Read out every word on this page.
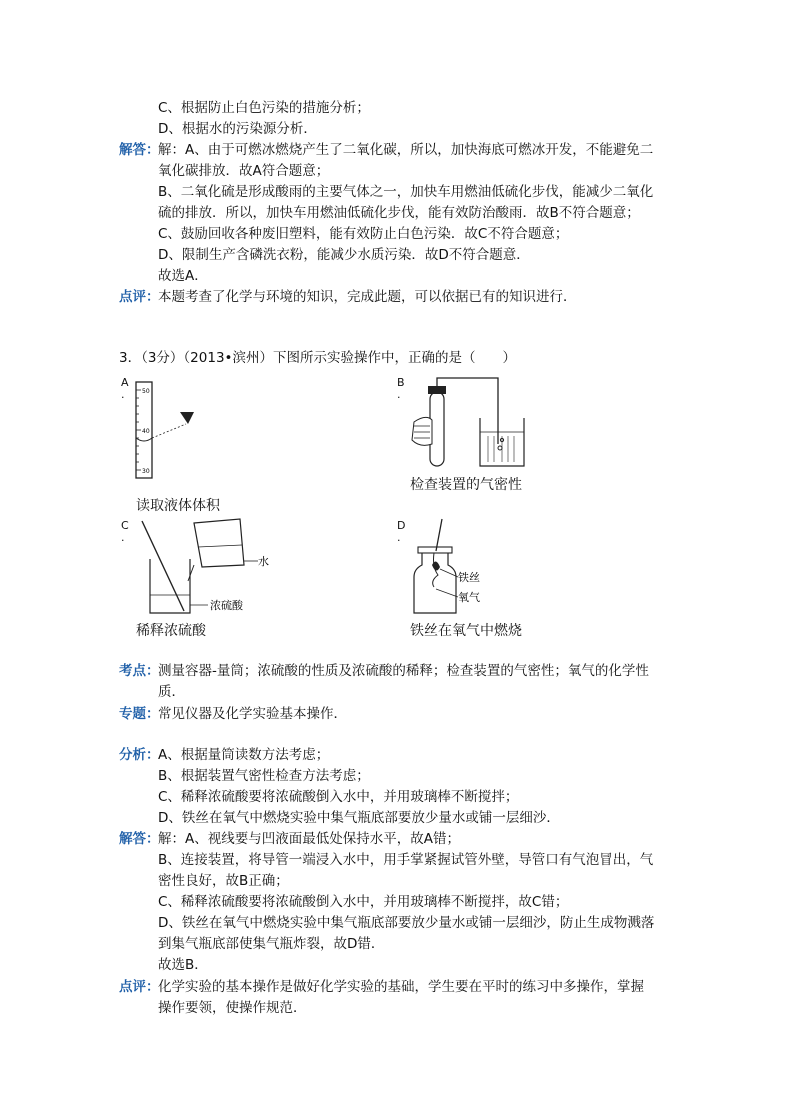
C、根据防止白色污染的措施分析；
D、根据水的污染源分析．
解答：
解：A、由于可燃冰燃烧产生了二氧化碳，所以，加快海底可燃冰开发，不能避免二
氧化碳排放．故A符合题意；
B、二氧化硫是形成酸雨的主要气体之一，加快车用燃油低硫化步伐，能减少二氧化
硫的排放．所以，加快车用燃油低硫化步伐，能有效防治酸雨．故B不符合题意；
C、鼓励回收各种废旧塑料，能有效防止白色污染．故C不符合题意；
D、限制生产含磷洗衣粉，能减少水质污染．故D不符合题意．
故选A．
点评：
本题考查了化学与环境的知识，完成此题，可以依据已有的知识进行．
3．（3分）（2013•滨州）下图所示实验操作中，正确的是（　　）
A
.	50
40
30
读取液体体积
B
.
检查装置的气密性
C
.
水
浓硫酸
稀释浓硫酸
D
.
铁丝
氧气
铁丝在氧气中燃烧
考点：
测量容器-量筒；浓硫酸的性质及浓硫酸的稀释；检查装置的气密性；氧气的化学性
质．
专题：
常见仪器及化学实验基本操作．
分析：
A、根据量筒读数方法考虑；
B、根据装置气密性检查方法考虑；
C、稀释浓硫酸要将浓硫酸倒入水中，并用玻璃棒不断搅拌；
D、铁丝在氧气中燃烧实验中集气瓶底部要放少量水或铺一层细沙．
解答：
解：A、视线要与凹液面最低处保持水平，故A错；
B、连接装置，将导管一端浸入水中，用手掌紧握试管外壁，导管口有气泡冒出，气
密性良好，故B正确；
C、稀释浓硫酸要将浓硫酸倒入水中，并用玻璃棒不断搅拌，故C错；
D、铁丝在氧气中燃烧实验中集气瓶底部要放少量水或铺一层细沙，防止生成物溅落
到集气瓶底部使集气瓶炸裂，故D错．
故选B．
点评：
化学实验的基本操作是做好化学实验的基础，学生要在平时的练习中多操作，掌握
操作要领，使操作规范．
